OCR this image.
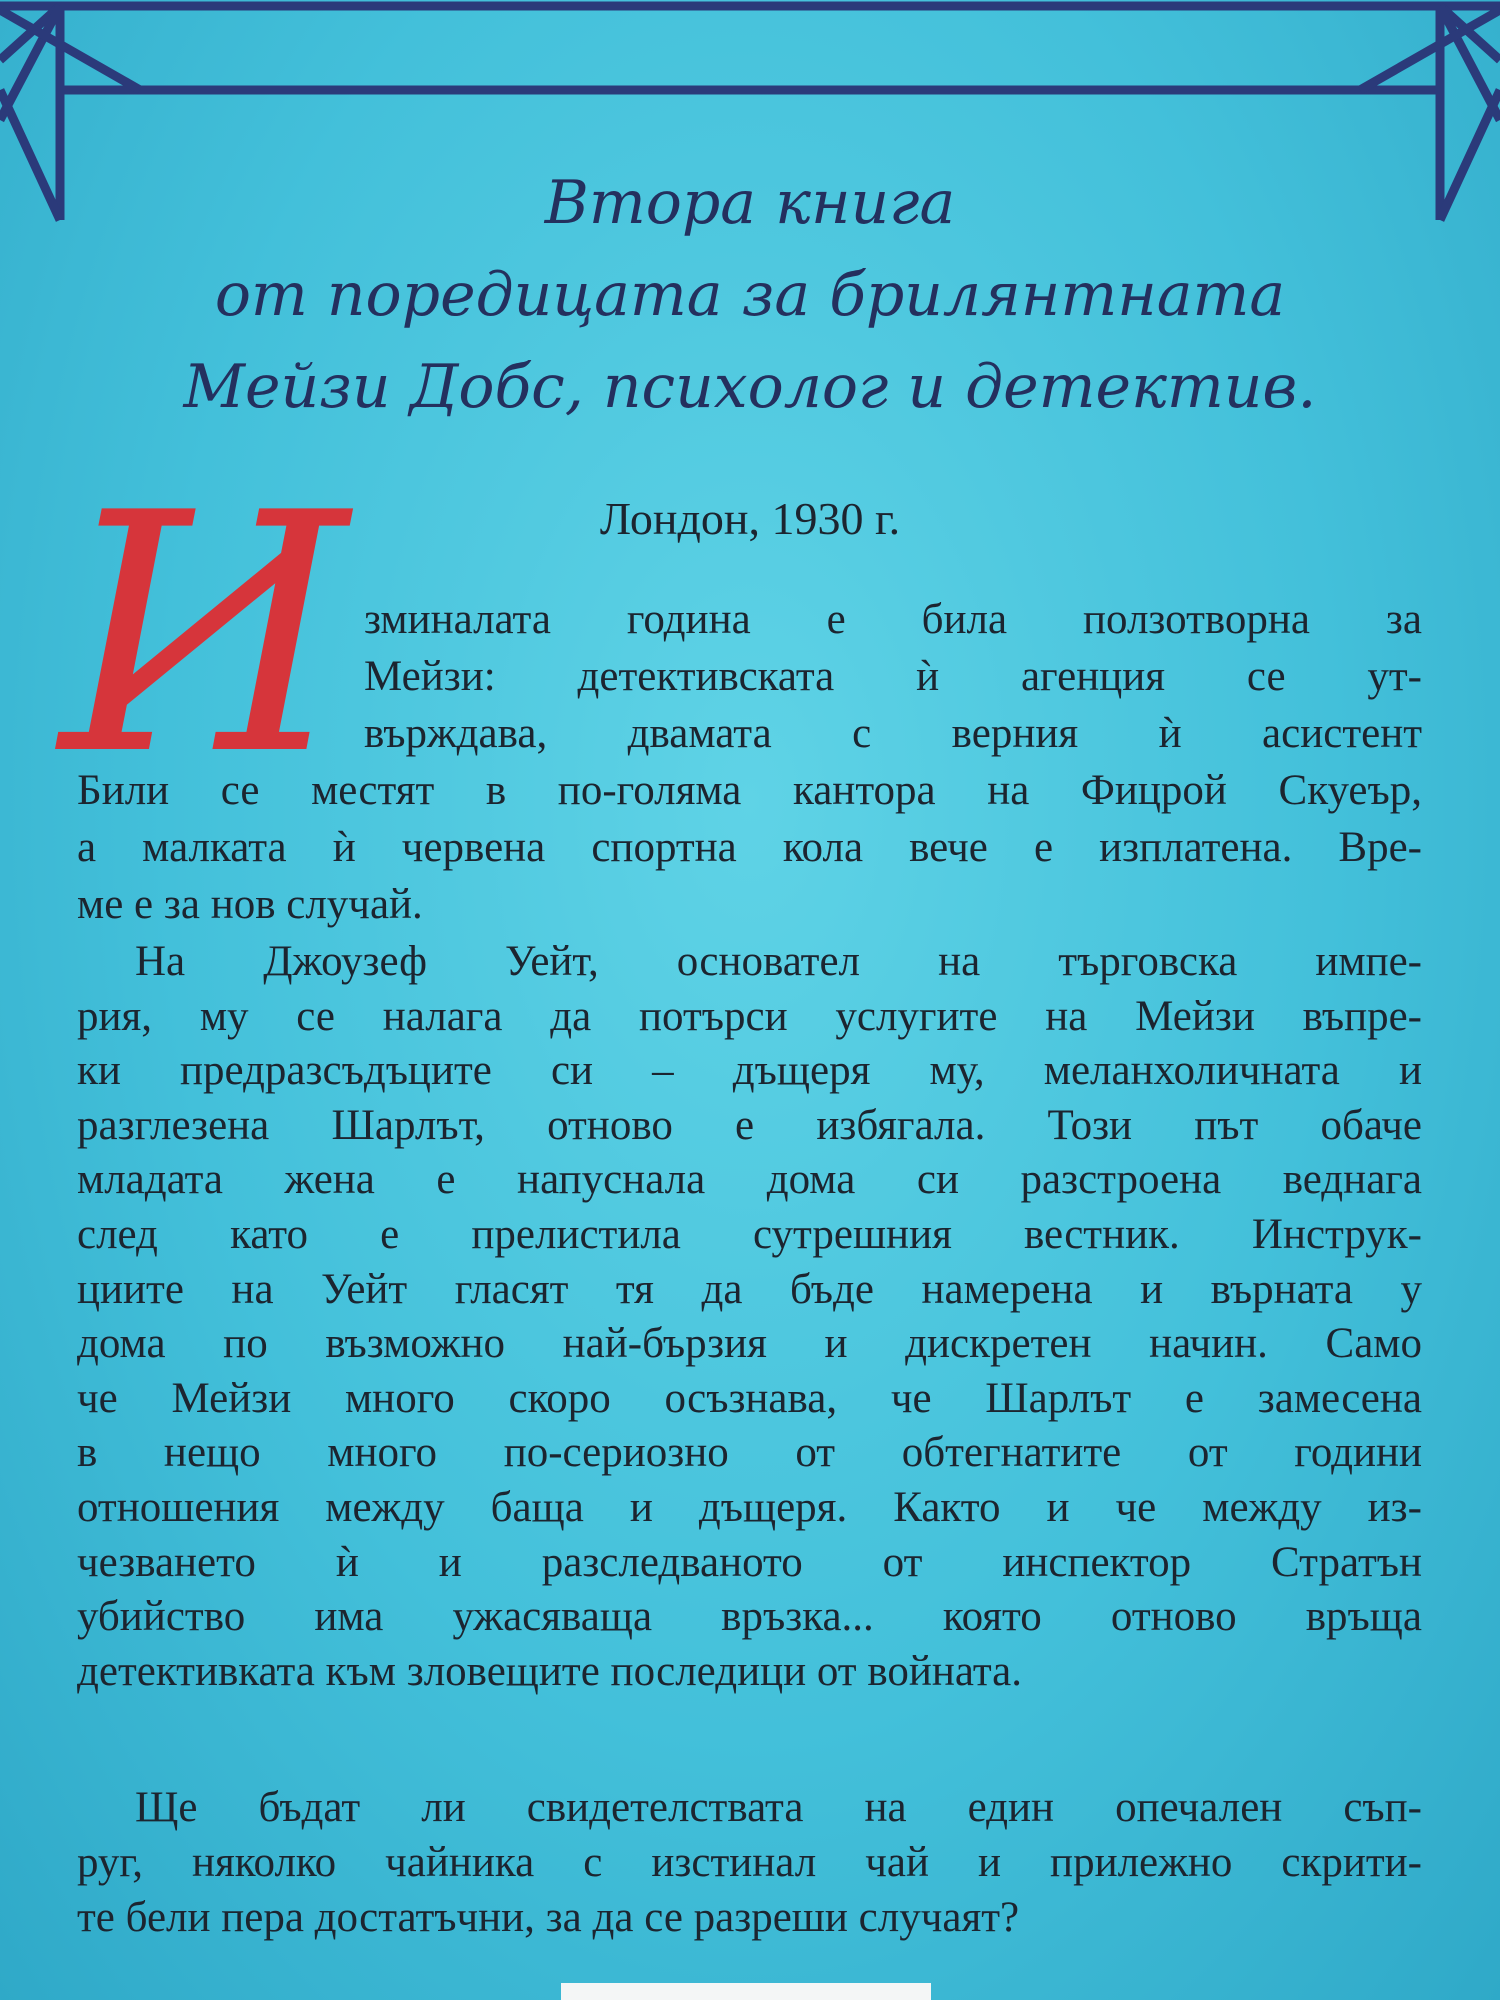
Втора книга
от поредицата за брилянтната
Мейзи Добс, психолог и детектив.
Лондон, 1930 г.
И зминалата година е била ползотворна за
Мейзи: детективската ѝ агенция се ут-
върждава, двамата с верния ѝ асистент
Били се местят в по-голяма кантора на Фицрой Скуеър,
а малката ѝ червена спортна кола вече е изплатена. Вре-
ме е за нов случай.
На Джоузеф Уейт, основател на търговска импе-
рия, му се налага да потърси услугите на Мейзи въпре-
ки предразсъдъците си – дъщеря му, меланхоличната и
разглезена Шарлът, отново е избягала. Този път обаче
младата жена е напуснала дома си разстроена веднага
след като е прелистила сутрешния вестник. Инструк-
циите на Уейт гласят тя да бъде намерена и върната у
дома по възможно най-бързия и дискретен начин. Само
че Мейзи много скоро осъзнава, че Шарлът е замесена
в нещо много по-сериозно от обтегнатите от години
отношения между баща и дъщеря. Както и че между из-
чезването ѝ и разследваното от инспектор Стратън
убийство има ужасяваща връзка... която отново връща
детективката към зловещите последици от войната.
Ще бъдат ли свидетелствата на един опечален съп-
руг, няколко чайника с изстинал чай и прилежно скрити-
те бели пера достатъчни, за да се разреши случаят?
